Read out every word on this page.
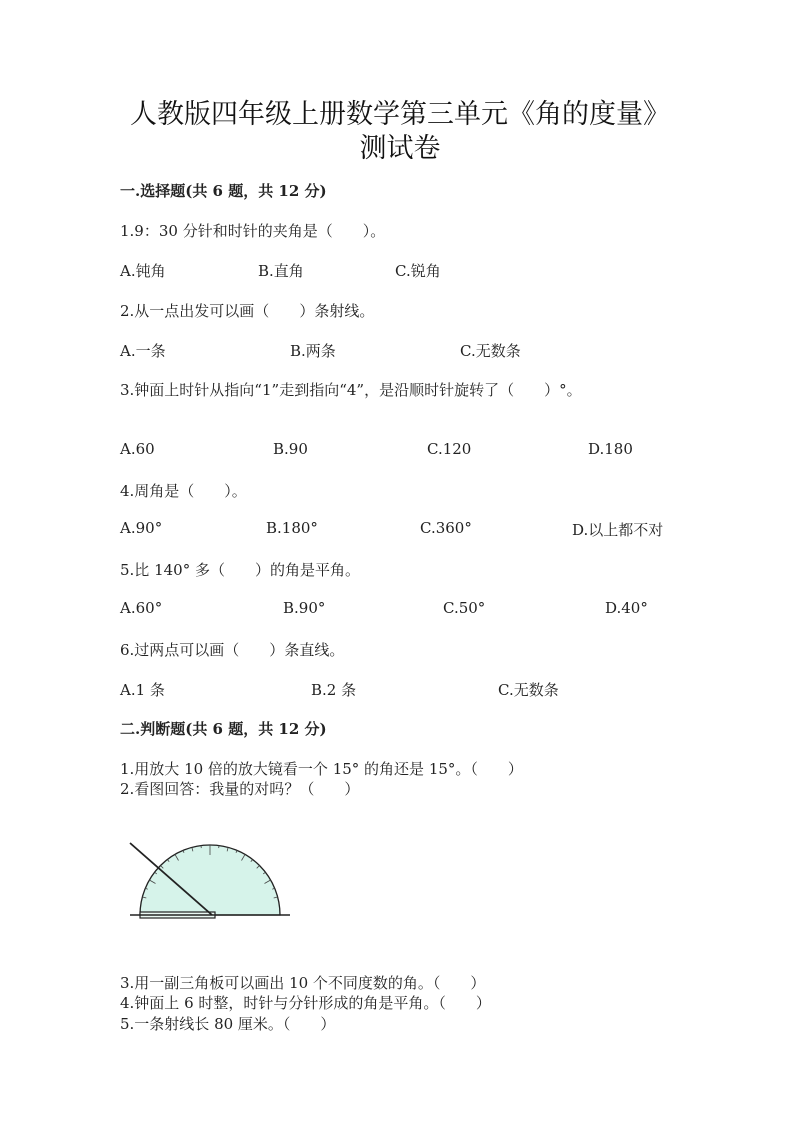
人教版四年级上册数学第三单元《角的度量》测试卷
一.选择题(共 6 题，共 12 分)
1.9：30 分针和时针的夹角是（　　）。
A.钝角	B.直角	C.锐角
2.从一点出发可以画（　　）条射线。
A.一条	B.两条	C.无数条
3.钟面上时针从指向“1”走到指向“4”，是沿顺时针旋转了（　　）°。
A.60	B.90	C.120	D.180
4.周角是（　　）。
A.90°	B.180°	C.360°	D.以上都不对
5.比 140° 多（　　）的角是平角。
A.60°	B.90°	C.50°	D.40°
6.过两点可以画（　　）条直线。
A.1 条	B.2 条	C.无数条
二.判断题(共 6 题，共 12 分)
1.用放大 10 倍的放大镜看一个 15° 的角还是 15°。（　　）
2.看图回答：我量的对吗？（　　）
3.用一副三角板可以画出 10 个不同度数的角。（　　）
4.钟面上 6 时整，时针与分针形成的角是平角。（　　）
5.一条射线长 80 厘米。（　　）
